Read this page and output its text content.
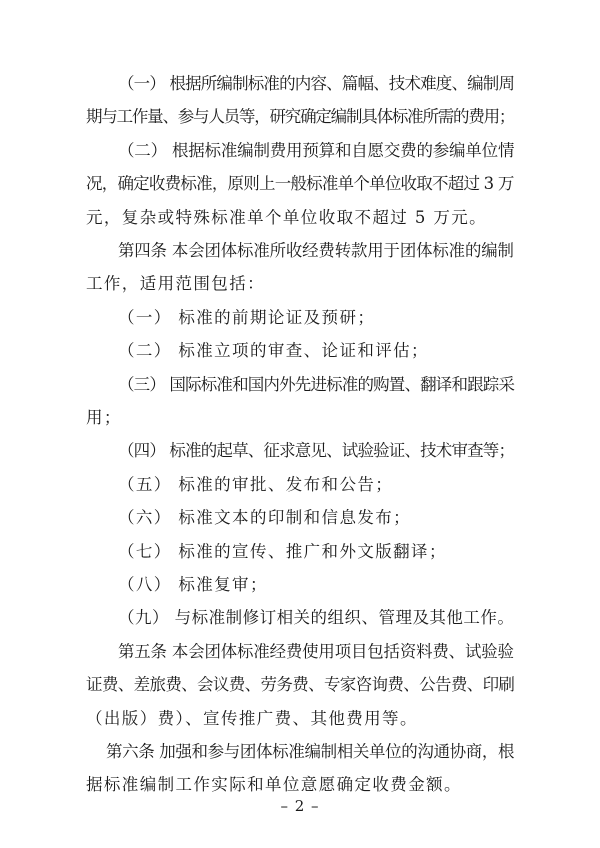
（一） 根据所编制标准的内容、篇幅、技术难度、编制周
期与工作量、参与人员等，研究确定编制具体标准所需的费用；
（二） 根据标准编制费用预算和自愿交费的参编单位情
况，确定收费标准，原则上一般标准单个单位收取不超过 3 万
元，复杂或特殊标准单个单位收取不超过 5 万元。
第四条 本会团体标准所收经费转款用于团体标准的编制
工作，适用范围包括：
（一） 标准的前期论证及预研；
（二） 标准立项的审查、论证和评估；
（三） 国际标准和国内外先进标准的购置、翻译和跟踪采
用；
（四） 标准的起草、征求意见、试验验证、技术审查等；
（五） 标准的审批、发布和公告；
（六） 标准文本的印制和信息发布；
（七） 标准的宣传、推广和外文版翻译；
（八） 标准复审；
（九） 与标准制修订相关的组织、管理及其他工作。
第五条 本会团体标准经费使用项目包括资料费、试验验
证费、差旅费、会议费、劳务费、专家咨询费、公告费、印刷
（出版）费）、宣传推广费、其他费用等。
第六条 加强和参与团体标准编制相关单位的沟通协商，根
据标准编制工作实际和单位意愿确定收费金额。
– 2 –
